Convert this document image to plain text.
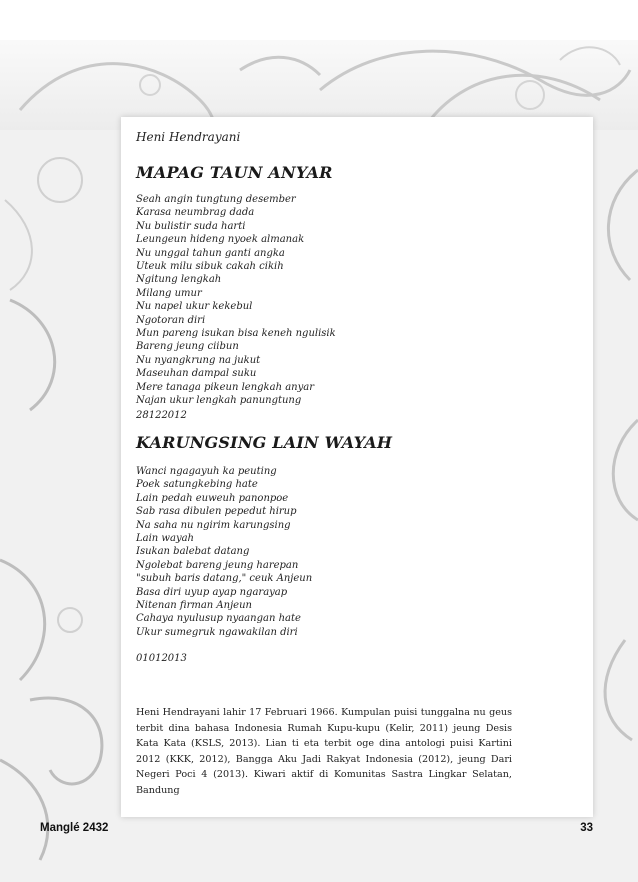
Heni Hendrayani
MAPAG TAUN ANYAR
Seah angin tungtung desember
Karasa neumbrag dada
Nu bulistir suda harti
Leungeun hideng nyoek almanak
Nu unggal tahun ganti angka
Uteuk milu sibuk cakah cikih
Ngitung lengkah
Milang umur
Nu napel ukur kekebul
Ngotoran diri
Mun pareng isukan bisa keneh ngulisik
Bareng jeung ciibun
Nu nyangkrung na jukut
Maseuhan dampal suku
Mere tanaga pikeun lengkah anyar
Najan ukur lengkah panungtung
28122012
KARUNGSING LAIN WAYAH
Wanci ngagayuh ka peuting
Poek satungkebing hate
Lain pedah euweuh panonpoe
Sab rasa dibulen pepedut hirup
Na saha nu ngirim karungsing
Lain wayah
Isukan balebat datang
Ngolebat bareng jeung harepan
"subuh baris datang," ceuk Anjeun
Basa diri uyup ayap ngarayap
Nitenan firman Anjeun
Cahaya nyulusup nyaangan hate
Ukur sumegruk ngawakilan diri
01012013
Heni Hendrayani lahir 17 Februari 1966. Kumpulan puisi tunggalna nu geus terbit dina bahasa Indonesia Rumah Kupu-kupu (Kelir, 2011) jeung Desis Kata Kata (KSLS, 2013). Lian ti eta terbit oge dina antologi puisi Kartini 2012 (KKK, 2012), Bangga Aku Jadi Rakyat Indonesia (2012), jeung Dari Negeri Poci 4 (2013). Kiwari aktif di Komunitas Sastra Lingkar Selatan, Bandung
Manglé 2432	33
